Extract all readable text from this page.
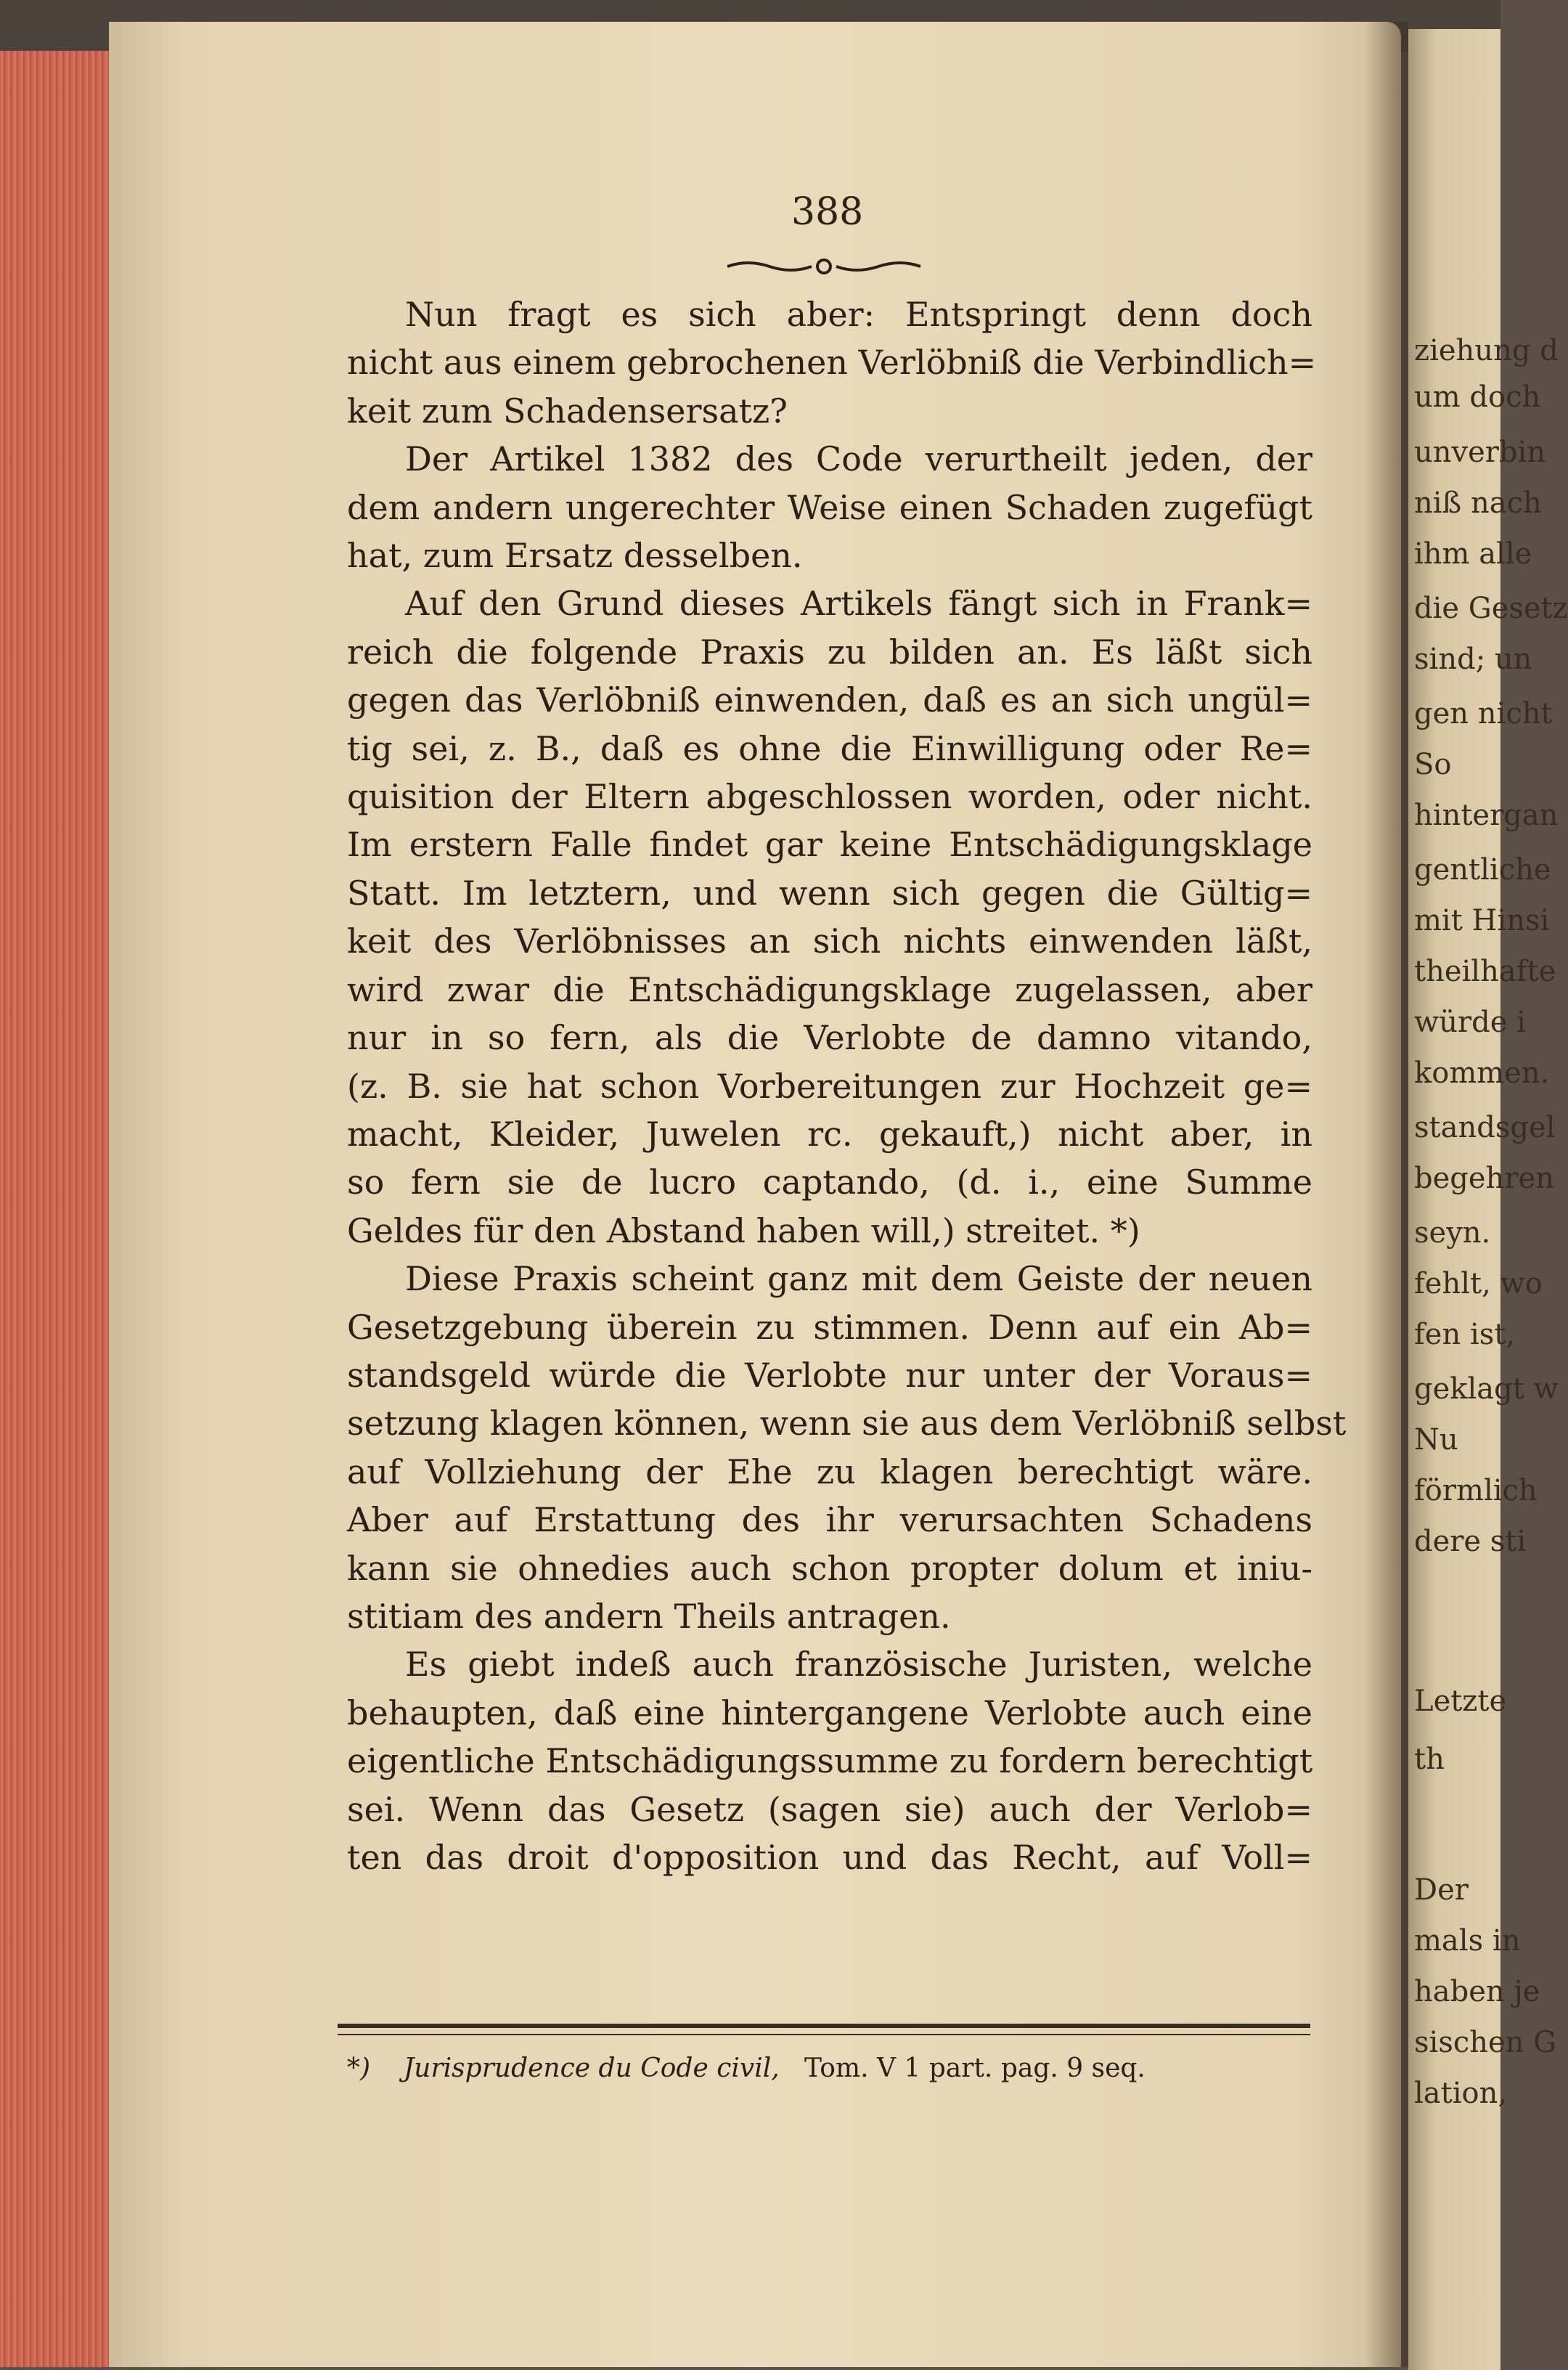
ziehung d
um doch
unverbin
niß nach
ihm alle
die Gesetz
sind; un
gen nicht
So
hintergan
gentliche
mit Hinsi
theilhafte
würde i
kommen.
standsgel
begehren
seyn.
fehlt, wo
fen ist,
geklagt w
Nu
förmlich
dere sti
Letzte
th
Der
mals in
haben je
sischen G
lation,
388
Nun fragt es sich aber: Entspringt denn doch
nicht aus einem gebrochenen Verlöbniß die Verbindlich=
keit zum Schadensersatz?
Der Artikel 1382 des Code verurtheilt jeden, der
dem andern ungerechter Weise einen Schaden zugefügt
hat, zum Ersatz desselben.
Auf den Grund dieses Artikels fängt sich in Frank=
reich die folgende Praxis zu bilden an. Es läßt sich
gegen das Verlöbniß einwenden, daß es an sich ungül=
tig sei, z. B., daß es ohne die Einwilligung oder Re=
quisition der Eltern abgeschlossen worden, oder nicht.
Im erstern Falle findet gar keine Entschädigungsklage
Statt. Im letztern, und wenn sich gegen die Gültig=
keit des Verlöbnisses an sich nichts einwenden läßt,
wird zwar die Entschädigungsklage zugelassen, aber
nur in so fern, als die Verlobte de damno vitando,
(z. B. sie hat schon Vorbereitungen zur Hochzeit ge=
macht, Kleider, Juwelen rc. gekauft,) nicht aber, in
so fern sie de lucro captando, (d. i., eine Summe
Geldes für den Abstand haben will,) streitet. *)
Diese Praxis scheint ganz mit dem Geiste der neuen
Gesetzgebung überein zu stimmen. Denn auf ein Ab=
standsgeld würde die Verlobte nur unter der Voraus=
setzung klagen können, wenn sie aus dem Verlöbniß selbst
auf Vollziehung der Ehe zu klagen berechtigt wäre.
Aber auf Erstattung des ihr verursachten Schadens
kann sie ohnedies auch schon propter dolum et iniu-
stitiam des andern Theils antragen.
Es giebt indeß auch französische Juristen, welche
behaupten, daß eine hintergangene Verlobte auch eine
eigentliche Entschädigungssumme zu fordern berechtigt
sei. Wenn das Gesetz (sagen sie) auch der Verlob=
ten das droit d'opposition und das Recht, auf Voll=
*) Jurisprudence du Code civil, Tom. V 1 part. pag. 9 seq.
